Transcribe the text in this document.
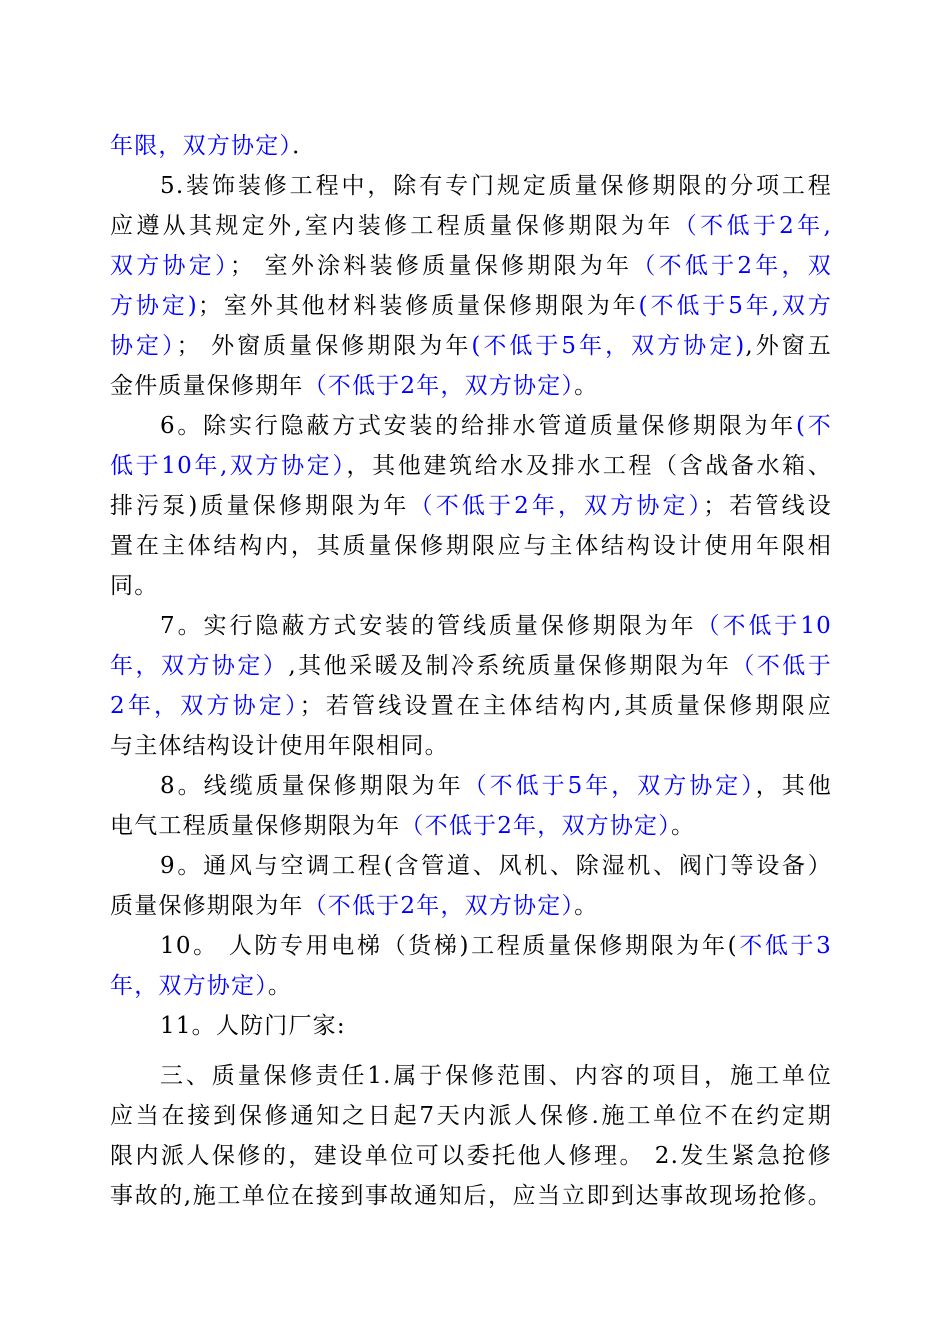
年限，双方协定）．
5.装饰装修工程中，除有专门规定质量保修期限的分项工程
应遵从其规定外,室内装修工程质量保修期限为年（不低于2年,
双方协定）； 室外涂料装修质量保修期限为年（不低于2年，双
方协定)；室外其他材料装修质量保修期限为年(不低于5年,双方
协定）； 外窗质量保修期限为年(不低于5年，双方协定),外窗五
金件质量保修期年（不低于2年，双方协定）。
6。除实行隐蔽方式安装的给排水管道质量保修期限为年(不
低于10年,双方协定），其他建筑给水及排水工程（含战备水箱、
排污泵)质量保修期限为年（不低于2年，双方协定）；若管线设
置在主体结构内，其质量保修期限应与主体结构设计使用年限相
同。
7。实行隐蔽方式安装的管线质量保修期限为年（不低于10
年，双方协定）,其他采暖及制冷系统质量保修期限为年（不低于
2年，双方协定）；若管线设置在主体结构内,其质量保修期限应
与主体结构设计使用年限相同。
8。线缆质量保修期限为年（不低于5年，双方协定），其他
电气工程质量保修期限为年（不低于2年，双方协定）。
9。通风与空调工程(含管道、风机、除湿机、阀门等设备）
质量保修期限为年（不低于2年，双方协定）。
10。 人防专用电梯（货梯)工程质量保修期限为年(不低于3
年，双方协定）。
11。人防门厂家:
三、质量保修责任1.属于保修范围、内容的项目，施工单位
应当在接到保修通知之日起7天内派人保修.施工单位不在约定期
限内派人保修的，建设单位可以委托他人修理。 2.发生紧急抢修
事故的,施工单位在接到事故通知后，应当立即到达事故现场抢修。
